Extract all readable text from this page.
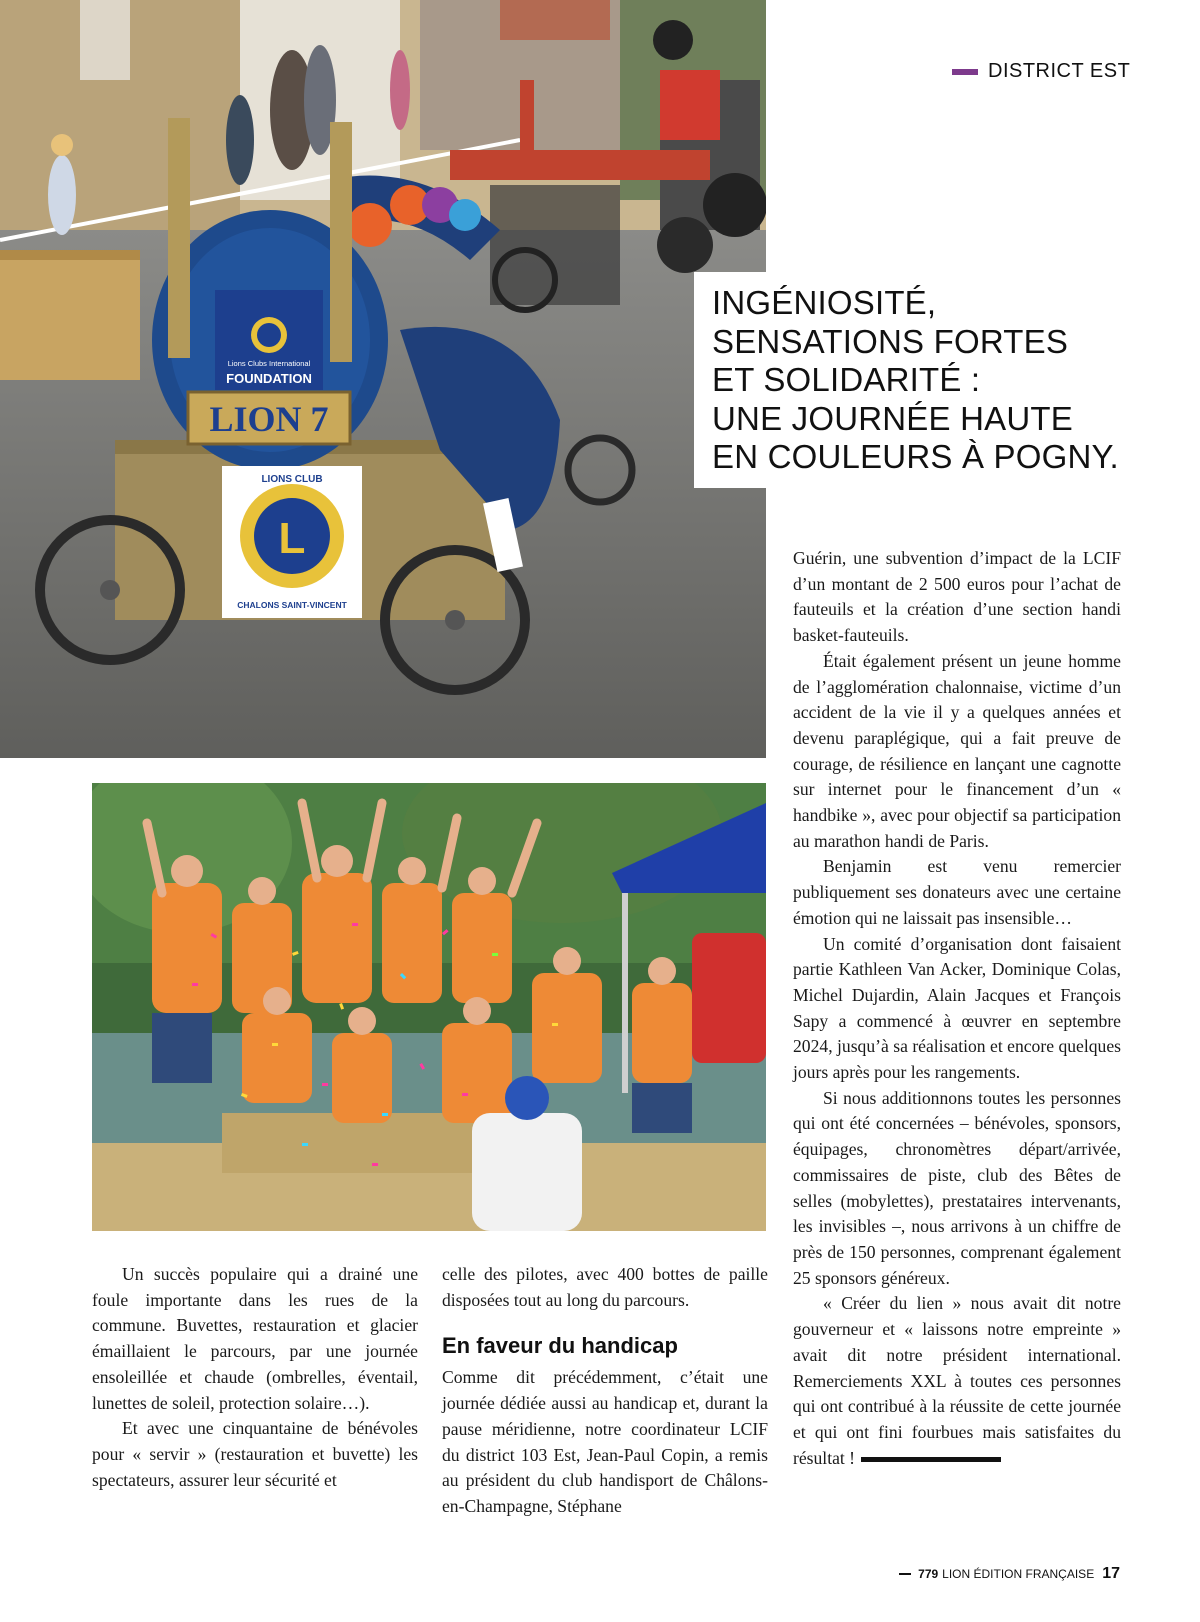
DISTRICT EST
Lions Clubs International
FOUNDATION
LION 7
L
LIONS CLUB
CHALONS SAINT-VINCENT
INGÉNIOSITÉ,
SENSATIONS FORTES
ET SOLIDARITÉ :
UNE JOURNÉE HAUTE
EN COULEURS À POGNY.

Un succès populaire qui a drainé une foule importante dans les rues de la commune. Buvettes, restauration et glacier émaillaient le parcours, par une journée ensoleillée et chaude (ombrelles, éventail, lunettes de soleil, protection solaire…).

Et avec une cinquantaine de bénévoles pour « servir » (restauration et buvette) les spectateurs, assurer leur sécurité et

celle des pilotes, avec 400 bottes de paille disposées tout au long du parcours.

En faveur du handicap

Comme dit précédemment, c’était une journée dédiée aussi au handicap et, durant la pause méridienne, notre coordinateur LCIF du district 103 Est, Jean-Paul Copin, a remis au président du club handisport de Châlons-en-Champagne, Stéphane

Guérin, une subvention d’impact de la LCIF d’un montant de 2 500 euros pour l’achat de fauteuils et la création d’une section handi basket-fauteuils.

Était également présent un jeune homme de l’agglomération chalonnaise, victime d’un accident de la vie il y a quelques années et devenu paraplégique, qui a fait preuve de courage, de résilience en lançant une cagnotte sur internet pour le financement d’un « handbike », avec pour objectif sa participation au marathon handi de Paris.

Benjamin est venu remercier publiquement ses donateurs avec une certaine émotion qui ne laissait pas insensible…

Un comité d’organisation dont faisaient partie Kathleen Van Acker, Dominique Colas, Michel Dujardin, Alain Jacques et François Sapy a commencé à œuvrer en septembre 2024, jusqu’à sa réalisation et encore quelques jours après pour les rangements.

Si nous additionnons toutes les personnes qui ont été concernées – bénévoles, sponsors, équipages, chronomètres départ/arrivée, commissaires de piste, club des Bêtes de selles (mobylettes), prestataires intervenants, les invisibles –, nous arrivons à un chiffre de près de 150 personnes, comprenant également 25 sponsors généreux.

« Créer du lien » nous avait dit notre gouverneur et « laissons notre empreinte » avait dit notre président international. Remerciements XXL à toutes ces personnes qui ont contribué à la réussite de cette journée et qui ont fini fourbues mais satisfaites du résultat !

779 LION ÉDITION FRANÇAISE 17
